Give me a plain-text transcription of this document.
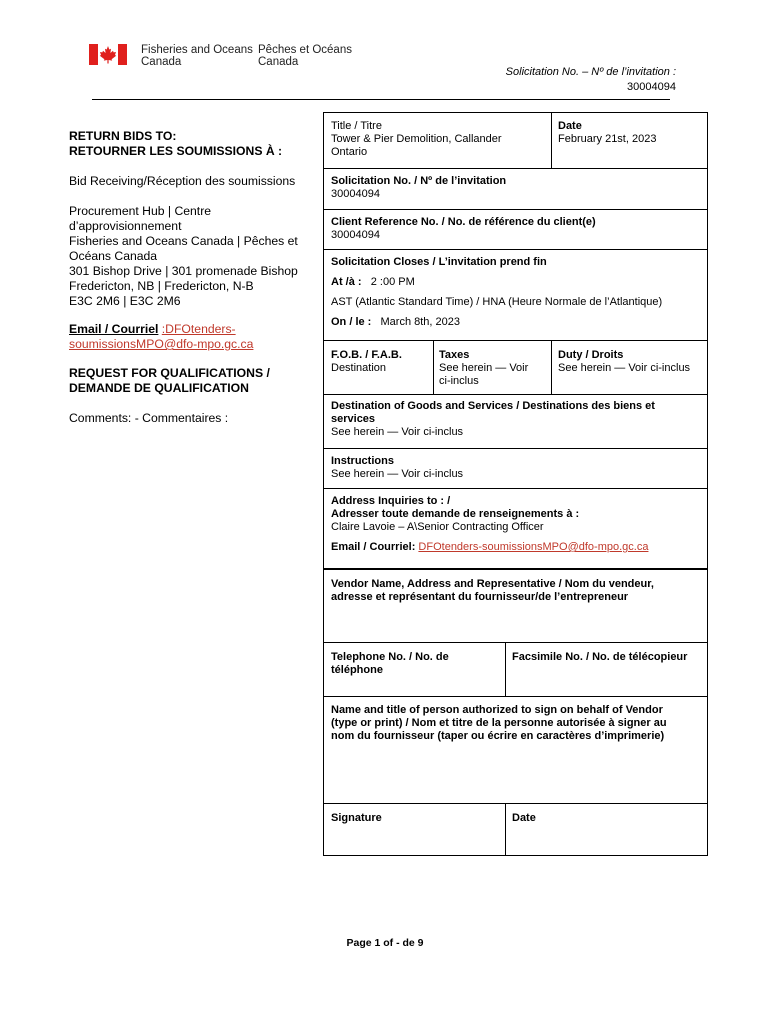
Fisheries and Oceans
Canada
Pêches et Océans
Canada
Solicitation No. – Nº de l’invitation :
30004094
RETURN BIDS TO:
RETOURNER LES SOUMISSIONS À :
Bid Receiving/Réception des soumissions
Procurement Hub | Centre
d’approvisionnement
Fisheries and Oceans Canada | Pêches et
Océans Canada
301 Bishop Drive | 301 promenade Bishop
Fredericton, NB | Fredericton, N-B
E3C 2M6 | E3C 2M6
Email / Courriel :DFOtenders-
soumissionsMPO@dfo-mpo.gc.ca
REQUEST FOR QUALIFICATIONS /
DEMANDE DE QUALIFICATION
Comments: - Commentaires :
Title / Titre
Tower & Pier Demolition, Callander
Ontario
Date
February 21st, 2023
Solicitation No. / Nº de l’invitation
30004094
Client Reference No. / No. de référence du client(e)
30004094
Solicitation Closes / L’invitation prend fin
At /à : 2 :00 PM
AST (Atlantic Standard Time) / HNA (Heure Normale de l’Atlantique)
On / le : March 8th, 2023
F.O.B. / F.A.B.
Destination
Taxes
See herein — Voir
ci-inclus
Duty / Droits
See herein — Voir ci-inclus
Destination of Goods and Services / Destinations des biens et
services
See herein — Voir ci-inclus
Instructions
See herein — Voir ci-inclus
Address Inquiries to : /
Adresser toute demande de renseignements à :
Claire Lavoie – A\Senior Contracting Officer
Email / Courriel: DFOtenders-soumissionsMPO@dfo-mpo.gc.ca
Vendor Name, Address and Representative / Nom du vendeur,
adresse et représentant du fournisseur/de l’entrepreneur
Telephone No. / No. de
téléphone
Facsimile No. / No. de télécopieur
Name and title of person authorized to sign on behalf of Vendor
(type or print) / Nom et titre de la personne autorisée à signer au
nom du fournisseur (taper ou écrire en caractères d’imprimerie)
Signature	Date
Page 1 of - de 9
